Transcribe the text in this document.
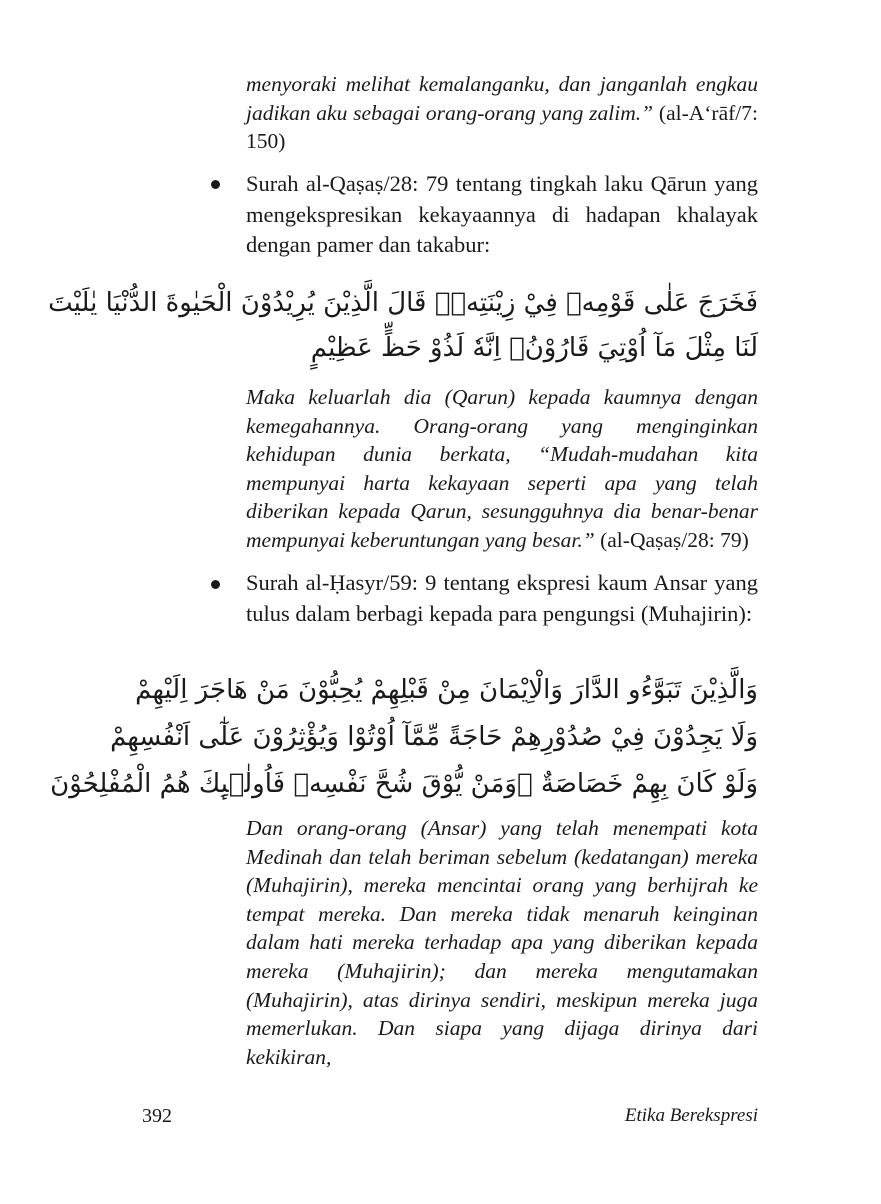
menyoraki melihat kemalanganku, dan janganlah engkau jadikan aku sebagai orang-orang yang zalim.” (al-A‘rāf/7: 150)

Surah al-Qaṣaṣ/28: 79 tentang tingkah laku Qārun yang mengekspresikan kekayaannya di hadapan khalayak dengan pamer dan takabur:

فَخَرَجَ عَلٰى قَوْمِهٖ فِيْ زِيْنَتِهٖۗ قَالَ الَّذِيْنَ يُرِيْدُوْنَ الْحَيٰوةَ الدُّنْيَا يٰلَيْتَ
لَنَا مِثْلَ مَآ اُوْتِيَ قَارُوْنُۙ اِنَّهٗ لَذُوْ حَظٍّ عَظِيْمٍ

Maka keluarlah dia (Qarun) kepada kaumnya dengan kemegahannya. Orang-orang yang menginginkan kehidupan dunia berkata, “Mudah-mudahan kita mempunyai harta kekayaan seperti apa yang telah diberikan kepada Qarun, sesungguhnya dia benar-benar mempunyai keberuntungan yang besar.” (al-Qaṣaṣ/28: 79)

Surah al-Ḥasyr/59: 9 tentang ekspresi kaum Ansar yang tulus dalam berbagi kepada para pengungsi (Muhajirin):

وَالَّذِيْنَ تَبَوَّءُو الدَّارَ وَالْاِيْمَانَ مِنْ قَبْلِهِمْ يُحِبُّوْنَ مَنْ هَاجَرَ اِلَيْهِمْ
وَلَا يَجِدُوْنَ فِيْ صُدُوْرِهِمْ حَاجَةً مِّمَّآ اُوْتُوْا وَيُؤْثِرُوْنَ عَلٰٓى اَنْفُسِهِمْ
وَلَوْ كَانَ بِهِمْ خَصَاصَةٌ ۗوَمَنْ يُّوْقَ شُحَّ نَفْسِهٖ فَاُولٰۤىِٕكَ هُمُ الْمُفْلِحُوْنَ

Dan orang-orang (Ansar) yang telah menempati kota Medinah dan telah beriman sebelum (kedatangan) mereka (Muhajirin), mereka mencintai orang yang berhijrah ke tempat mereka. Dan mereka tidak menaruh keinginan dalam hati mereka terhadap apa yang diberikan kepada mereka (Muhajirin); dan mereka mengutamakan (Muhajirin), atas dirinya sendiri, meskipun mereka juga memerlukan. Dan siapa yang dijaga dirinya dari kekikiran,

392	Etika Berekspresi
